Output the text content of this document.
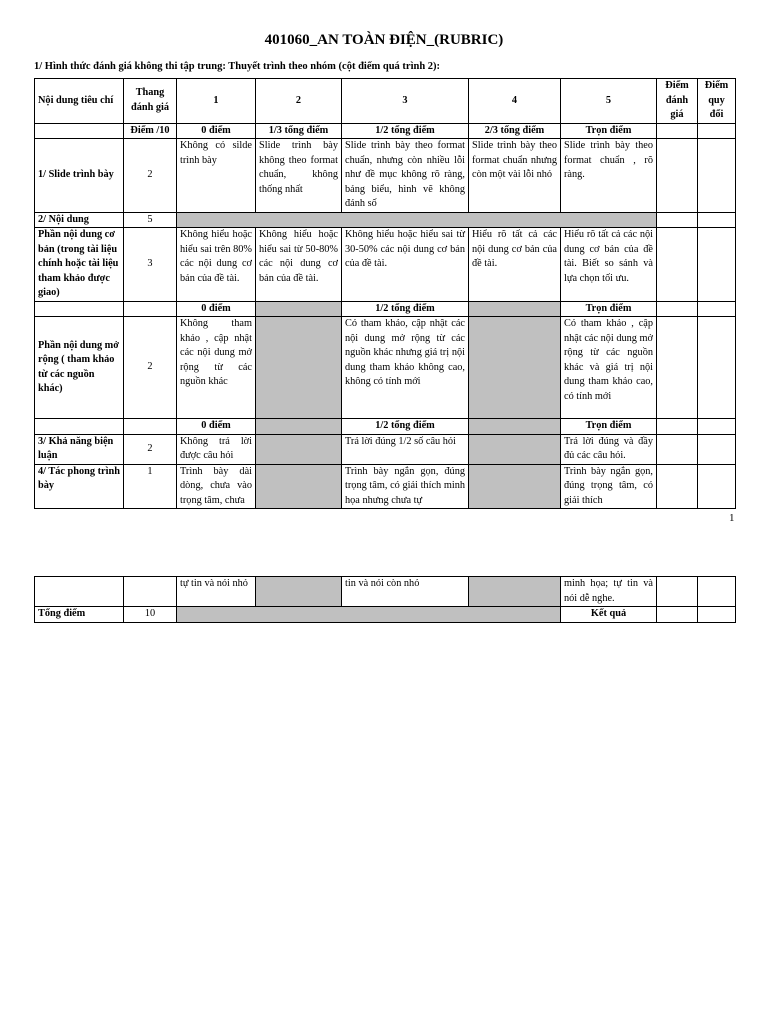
401060_AN TOÀN ĐIỆN_(RUBRIC)
1/ Hình thức đánh giá không thi tập trung: Thuyết trình theo nhóm (cột điểm quá trình 2):
Nội dung tiêu chí	Thang đánh giá	1	2	3	4	5	Điểm đánh giá	Điểm quy đổi
	Điểm /10	0 điểm	1/3 tổng điểm	1/2 tổng điểm	2/3 tổng điểm	Trọn điểm		
1/ Slide trình bày	2	Không có silde trình bày	Slide trình bày không theo format chuẩn, không thống nhất	Slide trình bày theo format chuẩn, nhưng còn nhiều lỗi như đề mục không rõ ràng, bảng biểu, hình vẽ không đánh số	Slide trình bày theo format chuẩn nhưng còn một vài lỗi nhỏ	Slide trình bày theo format chuẩn , rõ ràng.		
2/ Nội dung	5							
Phần nội dung cơ bản (trong tài liệu chính hoặc tài liệu tham khảo được giao)	3	Không hiểu hoặc hiểu sai trên 80% các nội dung cơ bản của đề tài.	Không hiểu hoặc hiểu sai từ 50-80% các nội dung cơ bản của đề tài.	Không hiểu hoặc hiểu sai từ 30-50% các nội dung cơ bản của đề tài.	Hiểu rõ tất cả các nội dung cơ bản của đề tài.	Hiểu rõ tất cả các nội dung cơ bản của đề tài. Biết so sánh và lựa chọn tối ưu.		
		0 điểm		1/2 tổng điểm		Trọn điểm		
Phần nội dung mở rộng ( tham khảo từ các nguồn khác)	2	Không tham khảo , cập nhật các nội dung mở rộng từ các nguồn khác		Có tham khảo, cập nhật các nội dung mở rộng từ các nguồn khác nhưng giá trị nội dung tham khảo không cao, không có tính mới		Có tham khảo , cập nhật các nội dung mở rộng từ các nguồn khác và giá trị nội dung tham khảo cao, có tính mới		
		0 điểm		1/2 tổng điểm		Trọn điểm		
3/ Khả năng biện luận	2	Không trả lời được câu hỏi		Trả lời đúng 1/2 số câu hỏi		Trả lời đúng và đầy đủ các câu hỏi.		
4/ Tác phong trình bày	1	Trình bày dài dòng, chưa vào trọng tâm, chưa		Trình bày ngắn gọn, đúng trọng tâm, có giải thích minh họa nhưng chưa tự		Trình bày ngắn gọn, đúng trọng tâm, có giải thích		
1
		tự tin và nói nhỏ		tin và nói còn nhỏ		minh họa; tự tin và nói dễ nghe.		
Tổng điểm	10					Kết quả		
